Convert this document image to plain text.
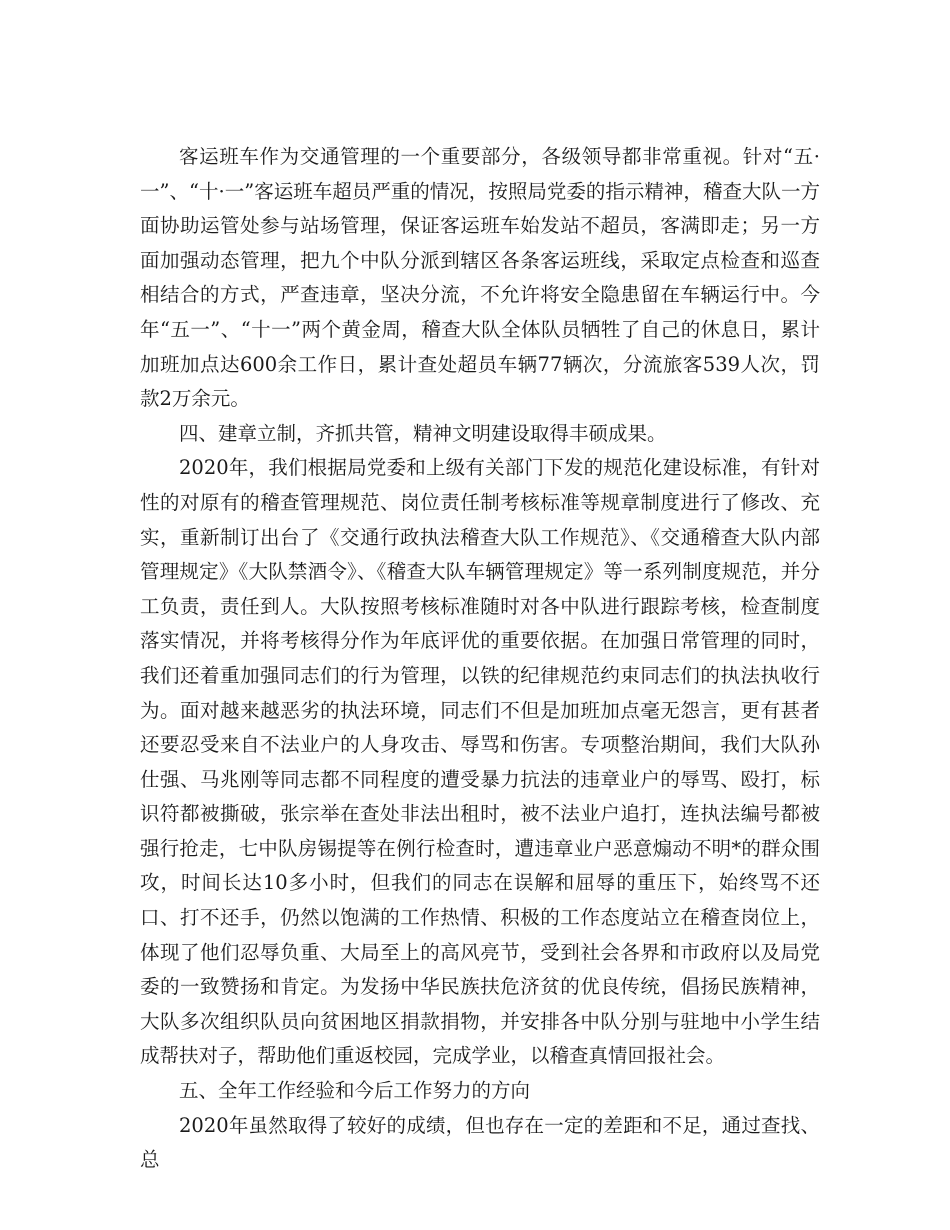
客运班车作为交通管理的一个重要部分，各级领导都非常重视。针对“五·一”、“十·一”客运班车超员严重的情况，按照局党委的指示精神，稽查大队一方面协助运管处参与站场管理，保证客运班车始发站不超员，客满即走；另一方面加强动态管理，把九个中队分派到辖区各条客运班线，采取定点检查和巡查相结合的方式，严查违章，坚决分流，不允许将安全隐患留在车辆运行中。今年“五一”、“十一”两个黄金周，稽查大队全体队员牺牲了自己的休息日，累计加班加点达600余工作日，累计查处超员车辆77辆次，分流旅客539人次，罚款2万余元。

四、建章立制，齐抓共管，精神文明建设取得丰硕成果。

2020年，我们根据局党委和上级有关部门下发的规范化建设标准，有针对性的对原有的稽查管理规范、岗位责任制考核标准等规章制度进行了修改、充实，重新制订出台了《交通行政执法稽查大队工作规范》、《交通稽查大队内部管理规定》《大队禁酒令》、《稽查大队车辆管理规定》等一系列制度规范，并分工负责，责任到人。大队按照考核标准随时对各中队进行跟踪考核，检查制度落实情况，并将考核得分作为年底评优的重要依据。在加强日常管理的同时，我们还着重加强同志们的行为管理，以铁的纪律规范约束同志们的执法执收行为。面对越来越恶劣的执法环境，同志们不但是加班加点毫无怨言，更有甚者还要忍受来自不法业户的人身攻击、辱骂和伤害。专项整治期间，我们大队孙仕强、马兆刚等同志都不同程度的遭受暴力抗法的违章业户的辱骂、殴打，标识符都被撕破，张宗举在查处非法出租时，被不法业户追打，连执法编号都被强行抢走，七中队房锡提等在例行检查时，遭违章业户恶意煽动不明*的群众围攻，时间长达10多小时，但我们的同志在误解和屈辱的重压下，始终骂不还口、打不还手，仍然以饱满的工作热情、积极的工作态度站立在稽查岗位上，体现了他们忍辱负重、大局至上的高风亮节，受到社会各界和市政府以及局党委的一致赞扬和肯定。为发扬中华民族扶危济贫的优良传统，倡扬民族精神，大队多次组织队员向贫困地区捐款捐物，并安排各中队分别与驻地中小学生结成帮扶对子，帮助他们重返校园，完成学业，以稽查真情回报社会。

五、全年工作经验和今后工作努力的方向

2020年虽然取得了较好的成绩，但也存在一定的差距和不足，通过查找、总
